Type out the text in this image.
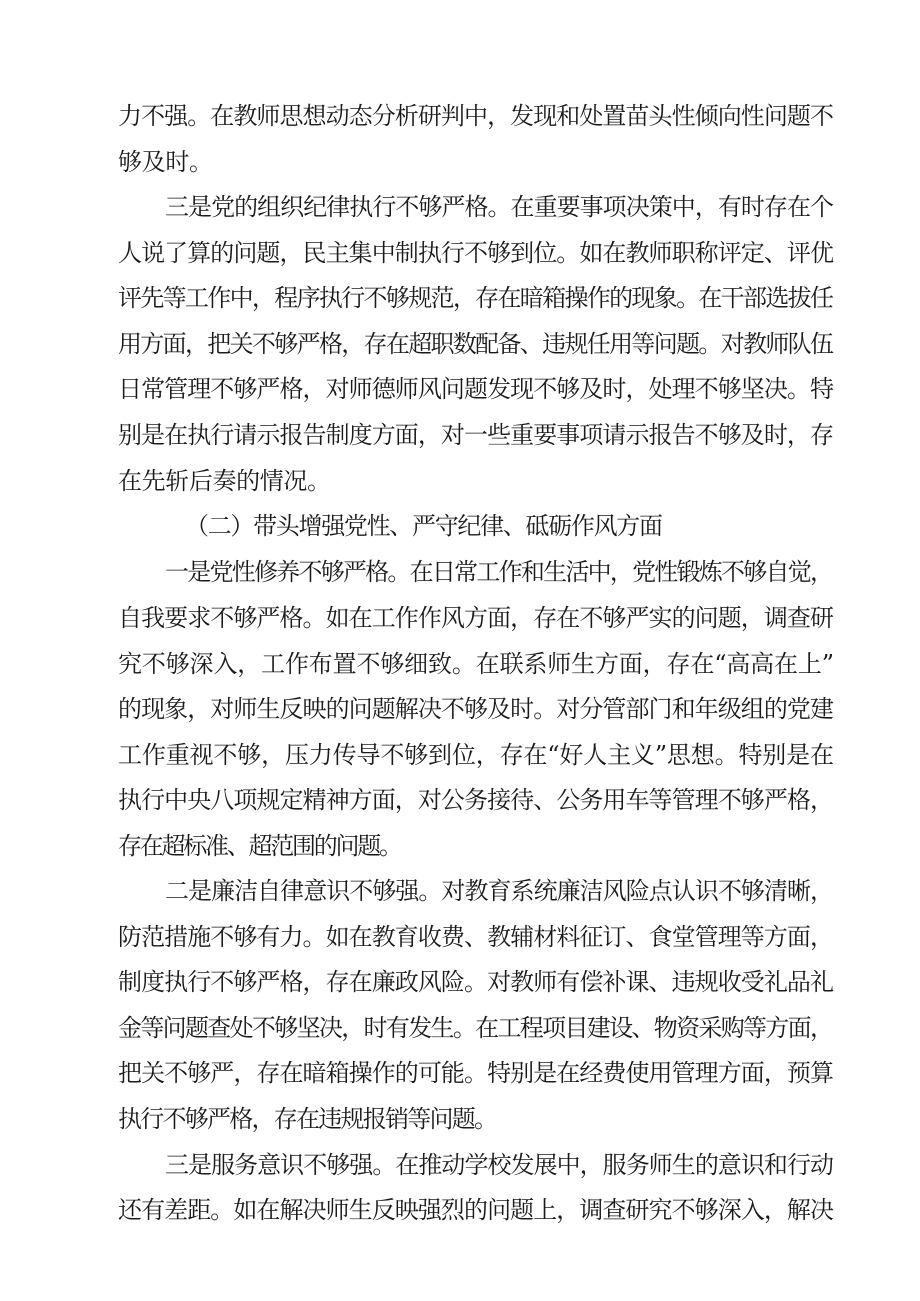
力不强。在教师思想动态分析研判中，发现和处置苗头性倾向性问题不

够及时。

三是党的组织纪律执行不够严格。在重要事项决策中，有时存在个

人说了算的问题，民主集中制执行不够到位。如在教师职称评定、评优

评先等工作中，程序执行不够规范，存在暗箱操作的现象。在干部选拔任

用方面，把关不够严格，存在超职数配备、违规任用等问题。对教师队伍

日常管理不够严格，对师德师风问题发现不够及时，处理不够坚决。特

别是在执行请示报告制度方面，对一些重要事项请示报告不够及时，存

在先斩后奏的情况。

（二）带头增强党性、严守纪律、砥砺作风方面

一是党性修养不够严格。在日常工作和生活中，党性锻炼不够自觉，

自我要求不够严格。如在工作作风方面，存在不够严实的问题，调查研

究不够深入，工作布置不够细致。在联系师生方面，存在“高高在上”

的现象，对师生反映的问题解决不够及时。对分管部门和年级组的党建

工作重视不够，压力传导不够到位，存在“好人主义”思想。特别是在

执行中央八项规定精神方面，对公务接待、公务用车等管理不够严格，

存在超标准、超范围的问题。

二是廉洁自律意识不够强。对教育系统廉洁风险点认识不够清晰，

防范措施不够有力。如在教育收费、教辅材料征订、食堂管理等方面，

制度执行不够严格，存在廉政风险。对教师有偿补课、违规收受礼品礼

金等问题查处不够坚决，时有发生。在工程项目建设、物资采购等方面，

把关不够严，存在暗箱操作的可能。特别是在经费使用管理方面，预算

执行不够严格，存在违规报销等问题。

三是服务意识不够强。在推动学校发展中，服务师生的意识和行动

还有差距。如在解决师生反映强烈的问题上，调查研究不够深入，解决
